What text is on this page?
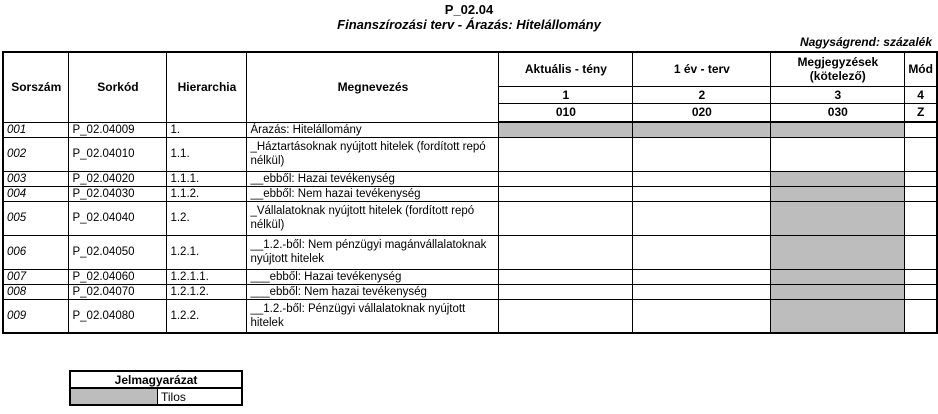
P_02.04
Finanszírozási terv - Árazás: Hitelállomány
Nagyságrend: százalék
Sorszám	Sorkód	Hierarchia	Megnevezés	Aktuális - tény	1 év - terv	Megjegyzések (kötelező)	Mód
				1	2	3	4
				010	020	030	Z
001	P_02.04009	1.	Árazás: Hitelállomány				
002	P_02.04010	1.1.	_Háztartásoknak nyújtott hitelek (fordított repó nélkül)				
003	P_02.04020	1.1.1.	__ebből: Hazai tevékenység				
004	P_02.04030	1.1.2.	__ebből: Nem hazai tevékenység				
005	P_02.04040	1.2.	_Vállalatoknak nyújtott hitelek (fordított repó nélkül)				
006	P_02.04050	1.2.1.	__1.2.-ből: Nem pénzügyi magánvállalatoknak nyújtott hitelek				
007	P_02.04060	1.2.1.1.	___ebből: Hazai tevékenység				
008	P_02.04070	1.2.1.2.	___ebből: Nem hazai tevékenység				
009	P_02.04080	1.2.2.	__1.2.-ből: Pénzügyi vállalatoknak nyújtott hitelek				
Jelmagyarázat
	Tilos
